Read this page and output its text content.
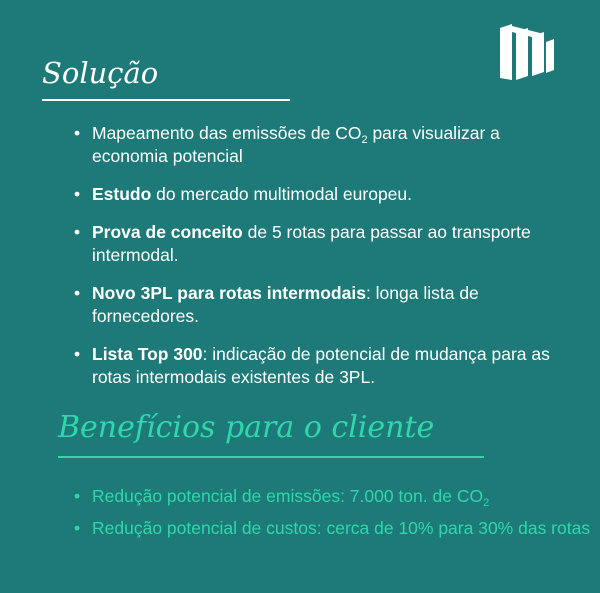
Solução
• Mapeamento das emissões de $CO_2$ para visualizar a economia potencial
• Estudo do mercado multimodal europeu.
• Prova de conceito de 5 rotas para passar ao transporte intermodal.
• Novo 3PL para rotas intermodais: longa lista de fornecedores.
• Lista Top 300: indicação de potencial de mudança para as rotas intermodais existentes de 3PL.
Benefícios para o cliente
• Redução potencial de emissões: 7.000 ton. de $CO_2$
• Redução potencial de custos: cerca de 10% para 30% das rotas
